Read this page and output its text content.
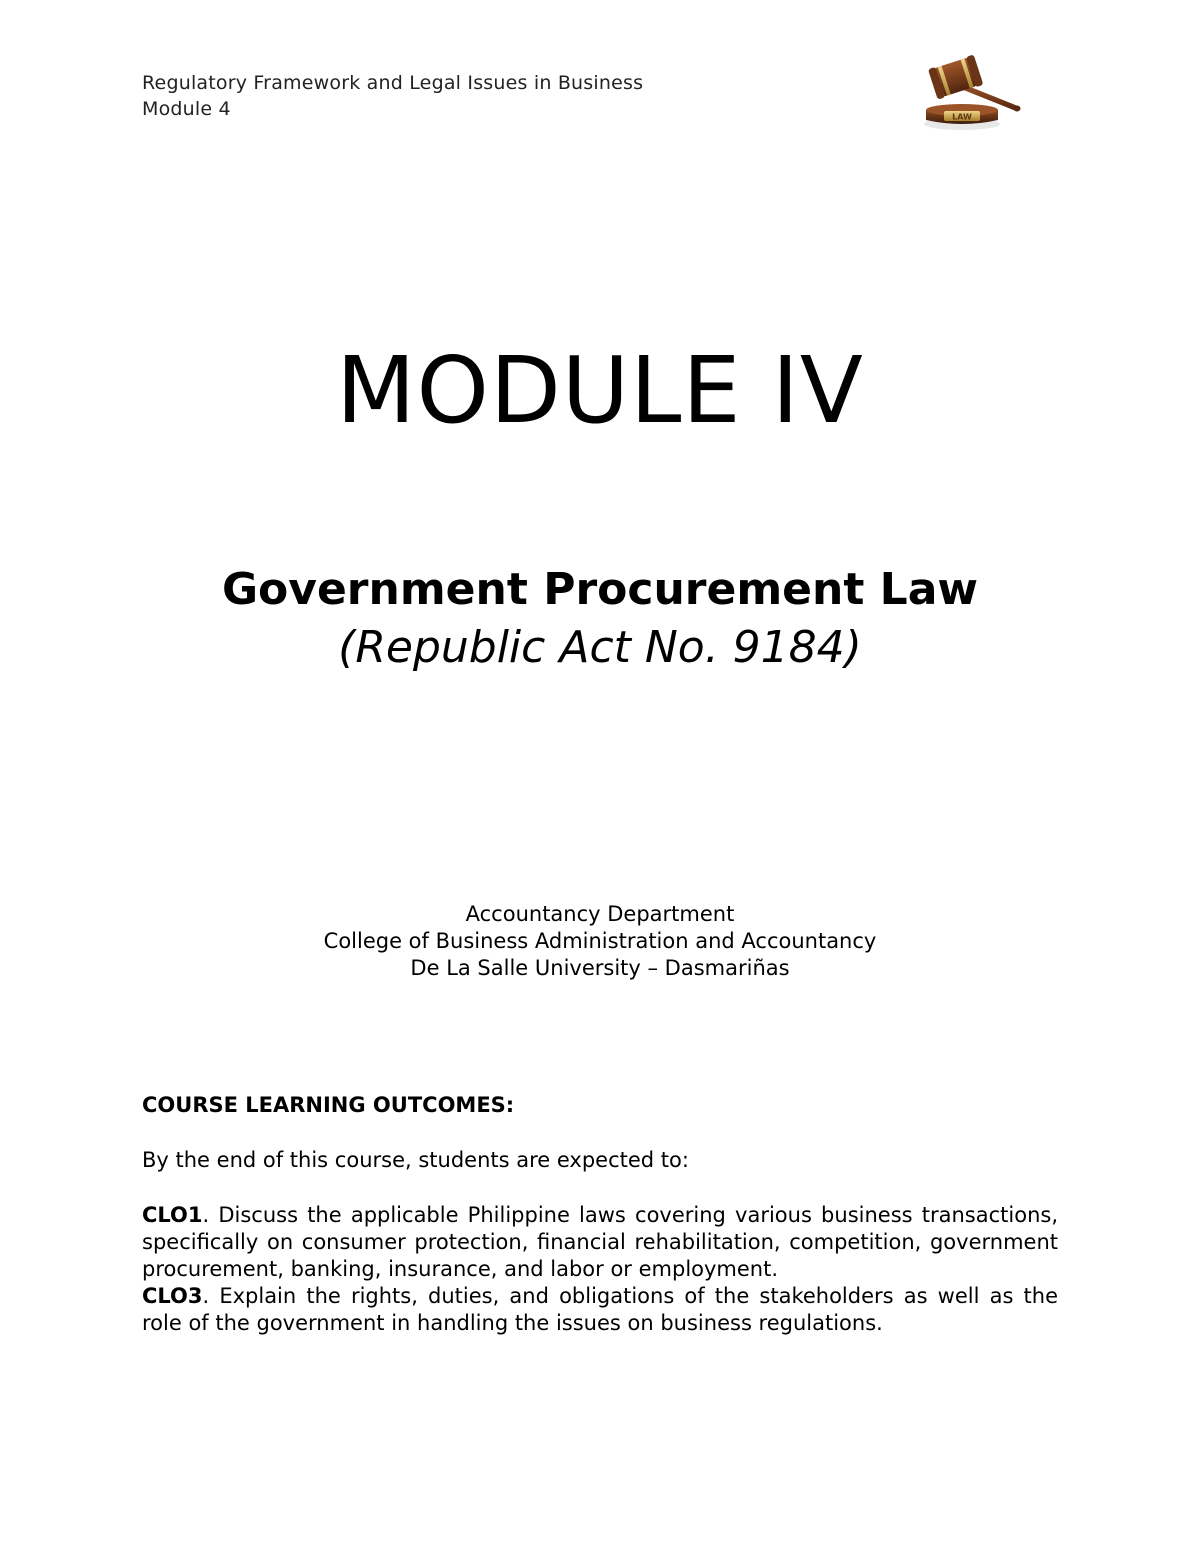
Regulatory Framework and Legal Issues in Business
Module 4	LAW
MODULE IV
Government Procurement Law
(Republic Act No. 9184)
Accountancy Department
College of Business Administration and Accountancy
De La Salle University – Dasmariñas

COURSE LEARNING OUTCOMES:

By the end of this course, students are expected to:

CLO1. Discuss the applicable Philippine laws covering various business transactions, specifically on consumer protection, financial rehabilitation, competition, government procurement, banking, insurance, and labor or employment.

CLO3. Explain the rights, duties, and obligations of the stakeholders as well as the role of the government in handling the issues on business regulations.
